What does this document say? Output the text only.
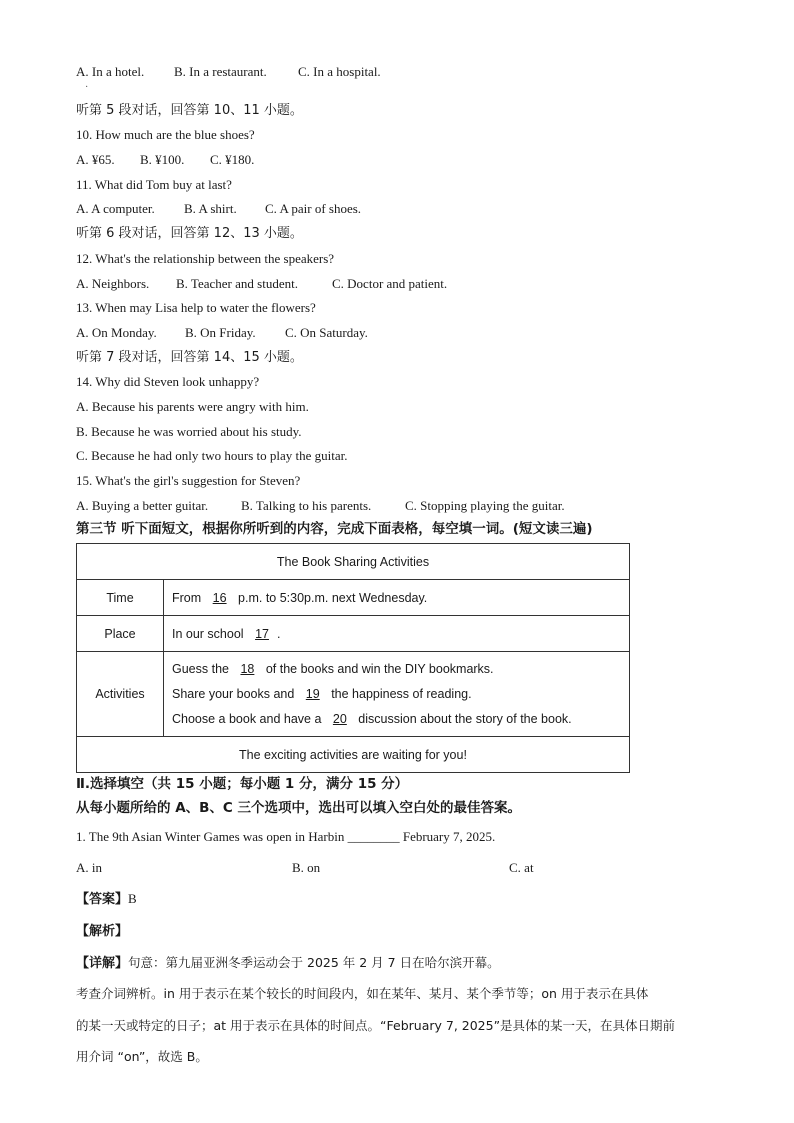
A. In a hotel. B. In a restaurant. C. In a hospital.
·
听第 5 段对话，回答第 10、11 小题。
10. How much are the blue shoes?
A. ¥65. B. ¥100. C. ¥180.
11. What did Tom buy at last?
A. A computer. B. A shirt. C. A pair of shoes.
听第 6 段对话，回答第 12、13 小题。
12. What's the relationship between the speakers?
A. Neighbors. B. Teacher and student.	C. Doctor and patient.
13. When may Lisa help to water the flowers?
A. On Monday. B. On Friday. C. On Saturday.
听第 7 段对话，回答第 14、15 小题。
14. Why did Steven look unhappy?
A. Because his parents were angry with him.
B. Because he was worried about his study.
C. Because he had only two hours to play the guitar.
15. What's the girl's suggestion for Steven?
A. Buying a better guitar.	B. Talking to his parents.	C. Stopping playing the guitar.
第三节 听下面短文，根据你所听到的内容，完成下面表格，每空填一词。(短文读三遍)
The Book Sharing Activities	
Time	From 16 p.m. to 5:30p.m. next Wednesday.
Place	In our school 17 .
Activities	Guess the 18 of the books and win the DIY bookmarks.
Share your books and 19 the happiness of reading.
Choose a book and have a 20 discussion about the story of the book.

The exciting activities are waiting for you!	
Ⅱ.选择填空（共 15 小题；每小题 1 分，满分 15 分）
从每小题所给的 A、B、C 三个选项中，选出可以填入空白处的最佳答案。
1. The 9th Asian Winter Games was open in Harbin ________ February 7, 2025.
A. in	B. on	C. at
【答案】B
【解析】
【详解】句意：第九届亚洲冬季运动会于 2025 年 2 月 7 日在哈尔滨开幕。
考查介词辨析。in 用于表示在某个较长的时间段内，如在某年、某月、某个季节等；on 用于表示在具体
的某一天或特定的日子；at 用于表示在具体的时间点。“February 7, 2025”是具体的某一天，在具体日期前
用介词 “on”，故选 B。
